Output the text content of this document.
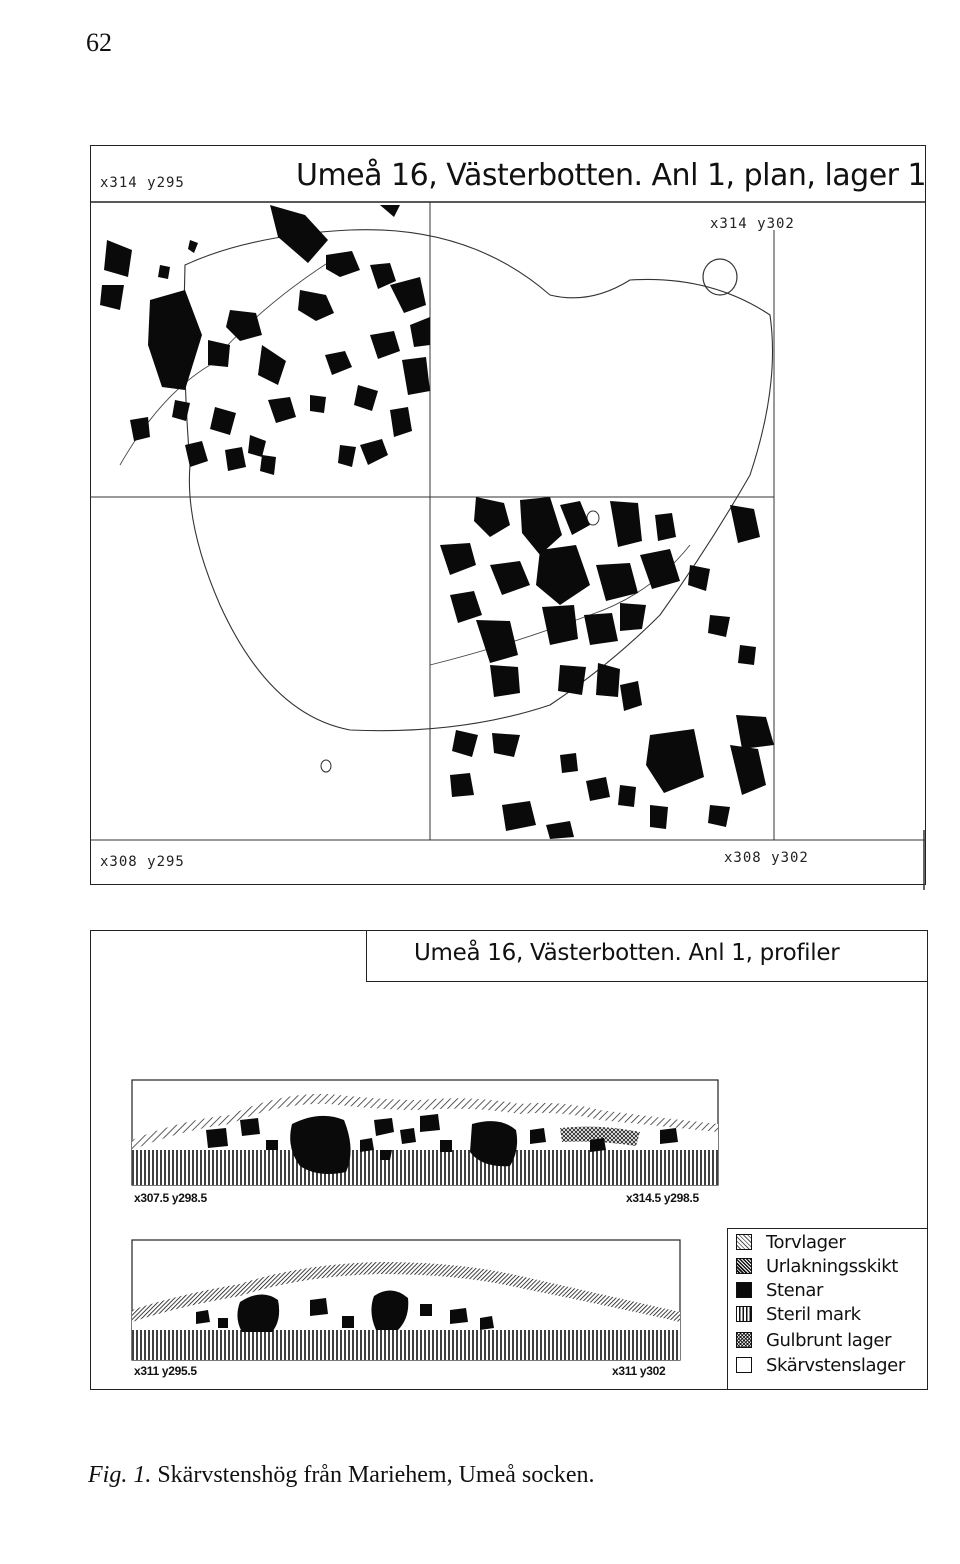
62
Umeå 16, Västerbotten. Anl 1, plan, lager 1
x314 y295
x314 y302
x308 y295	x308 y302
Umeå 16, Västerbotten. Anl 1, profiler
x307.5 y298.5	x314.5 y298.5
x311 y295.5	x311 y302
Torvlager
Urlakningsskikt
Stenar
Steril mark
Gulbrunt lager
Skärvstenslager
Fig. 1. Skärvstenshög från Mariehem, Umeå socken.
